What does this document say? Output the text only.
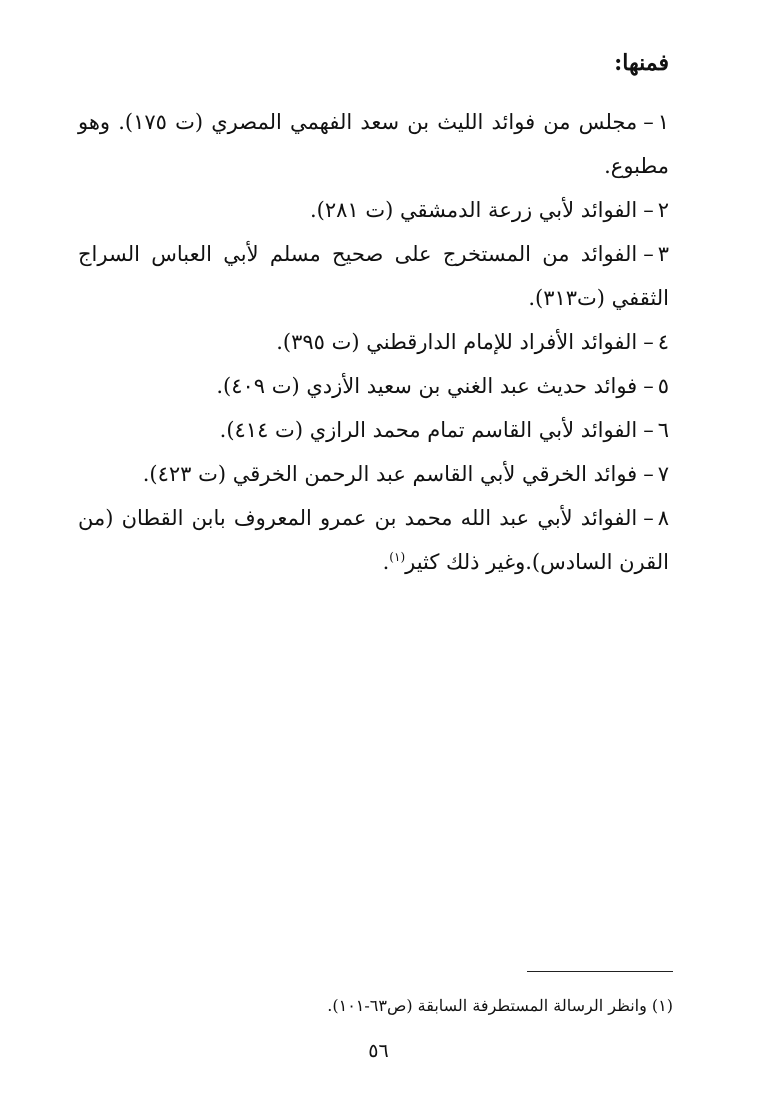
فمنها:
١–مجلس من فوائد الليث بن سعد الفهمي المصري (ت ١٧٥). وهو مطبوع.
٢–الفوائد لأبي زرعة الدمشقي (ت ٢٨١).
٣–الفوائد من المستخرج على صحيح مسلم لأبي العباس السراج الثقفي (ت٣١٣).
٤–الفوائد الأفراد للإمام الدارقطني (ت ٣٩٥).
٥–فوائد حديث عبد الغني بن سعيد الأزدي (ت ٤٠٩).
٦–الفوائد لأبي القاسم تمام محمد الرازي (ت ٤١٤).
٧–فوائد الخرقي لأبي القاسم عبد الرحمن الخرقي (ت ٤٢٣).
٨–الفوائد لأبي عبد الله محمد بن عمرو المعروف بابن القطان (من القرن السادس).وغير ذلك كثير$^{(١)}$.

(١) وانظر الرسالة المستطرفة السابقة (ص٦٣-١٠١).

٥٦
